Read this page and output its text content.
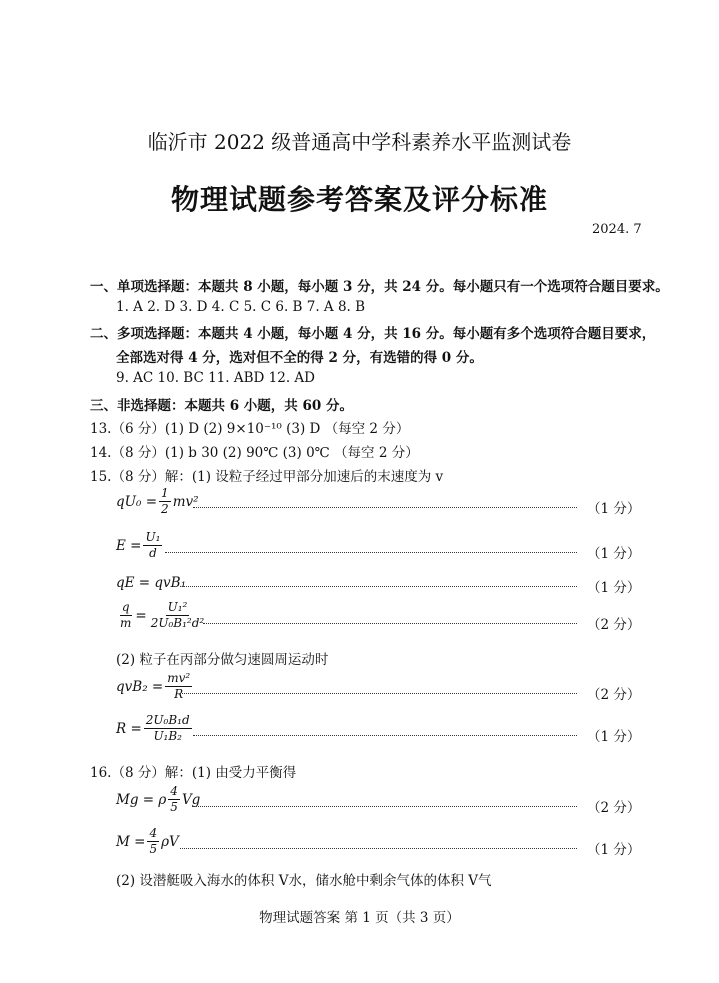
临沂市 2022 级普通高中学科素养水平监测试卷
物理试题参考答案及评分标准
2024. 7
一、单项选择题：本题共 8 小题，每小题 3 分，共 24 分。每小题只有一个选项符合题目要求。
1. A 2. D 3. D 4. C 5. C 6. B 7. A 8. B
二、多项选择题：本题共 4 小题，每小题 4 分，共 16 分。每小题有多个选项符合题目要求，
全部选对得 4 分，选对但不全的得 2 分，有选错的得 0 分。
9. AC 10. BC 11. ABD 12. AD
三、非选择题：本题共 6 小题，共 60 分。
13.（6 分）(1) D (2) 9×10⁻¹⁰ (3) D （每空 2 分）
14.（8 分）(1) b 30 (2) 90℃ (3) 0℃ （每空 2 分）
15.（8 分）解：(1) 设粒子经过甲部分加速后的末速度为 v
$qU_0 = \frac{1}{2} mv^2$	（1 分）
$E = \frac{\text{U₁}}{d}$	（1 分）
qE = qvB₁	（1 分）
$\frac{q}{m} = \frac{\text{U₁²}}{\text{2U₀B₁²d²}}$	（2 分）
(2) 粒子在丙部分做匀速圆周运动时
$qvB_2 = \frac{\text{mv²}}{R}$	（2 分）
$R = \frac{\text{2U₀B₁d}}{\text{U₁B₂}}$	（1 分）
16.（8 分）解：(1) 由受力平衡得
Mg = ρ $\frac{4}{5}$ Vg
（2 分）
$M = \frac{4}{5}$ ρV
（1 分）
(2) 设潜艇吸入海水的体积 V水，储水舱中剩余气体的体积 V气
物理试题答案 第 1 页（共 3 页）
